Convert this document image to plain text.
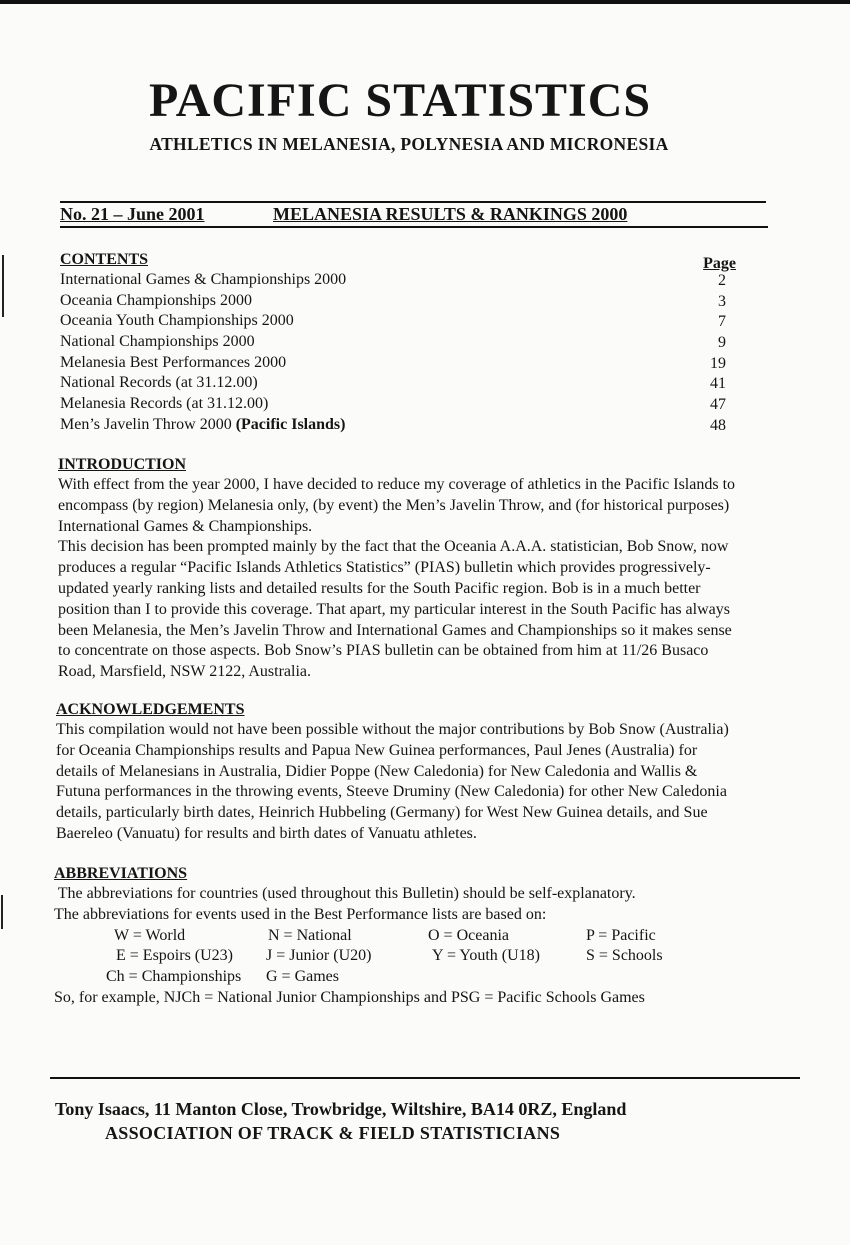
PACIFIC STATISTICS
ATHLETICS IN MELANESIA, POLYNESIA AND MICRONESIA
No. 21 – June 2001	MELANESIA RESULTS & RANKINGS 2000
CONTENTS	Page
International Games & Championships 2000	2
Oceania Championships 2000	3
Oceania Youth Championships 2000	7
National Championships 2000	9
Melanesia Best Performances 2000	19
National Records (at 31.12.00)	41
Melanesia Records (at 31.12.00)	47
Men’s Javelin Throw 2000 (Pacific Islands)	48
INTRODUCTION
With effect from the year 2000, I have decided to reduce my coverage of athletics in the Pacific Islands to
encompass (by region) Melanesia only, (by event) the Men’s Javelin Throw, and (for historical purposes)
International Games & Championships.
This decision has been prompted mainly by the fact that the Oceania A.A.A. statistician, Bob Snow, now
produces a regular “Pacific Islands Athletics Statistics” (PIAS) bulletin which provides progressively-
updated yearly ranking lists and detailed results for the South Pacific region. Bob is in a much better
position than I to provide this coverage. That apart, my particular interest in the South Pacific has always
been Melanesia, the Men’s Javelin Throw and International Games and Championships so it makes sense
to concentrate on those aspects. Bob Snow’s PIAS bulletin can be obtained from him at 11/26 Busaco
Road, Marsfield, NSW 2122, Australia.
ACKNOWLEDGEMENTS
This compilation would not have been possible without the major contributions by Bob Snow (Australia)
for Oceania Championships results and Papua New Guinea performances, Paul Jenes (Australia) for
details of Melanesians in Australia, Didier Poppe (New Caledonia) for New Caledonia and Wallis &
Futuna performances in the throwing events, Steeve Druminy (New Caledonia) for other New Caledonia
details, particularly birth dates, Heinrich Hubbeling (Germany) for West New Guinea details, and Sue
Baereleo (Vanuatu) for results and birth dates of Vanuatu athletes.
ABBREVIATIONS
The abbreviations for countries (used throughout this Bulletin) should be self-explanatory.
The abbreviations for events used in the Best Performance lists are based on:
W = World	N = National	O = Oceania	P = Pacific
E = Espoirs (U23) J = Junior (U20)	Y = Youth (U18)	S = Schools
Ch = Championships G = Games
So, for example, NJCh = National Junior Championships and PSG = Pacific Schools Games
Tony Isaacs, 11 Manton Close, Trowbridge, Wiltshire, BA14 0RZ, England
ASSOCIATION OF TRACK & FIELD STATISTICIANS
